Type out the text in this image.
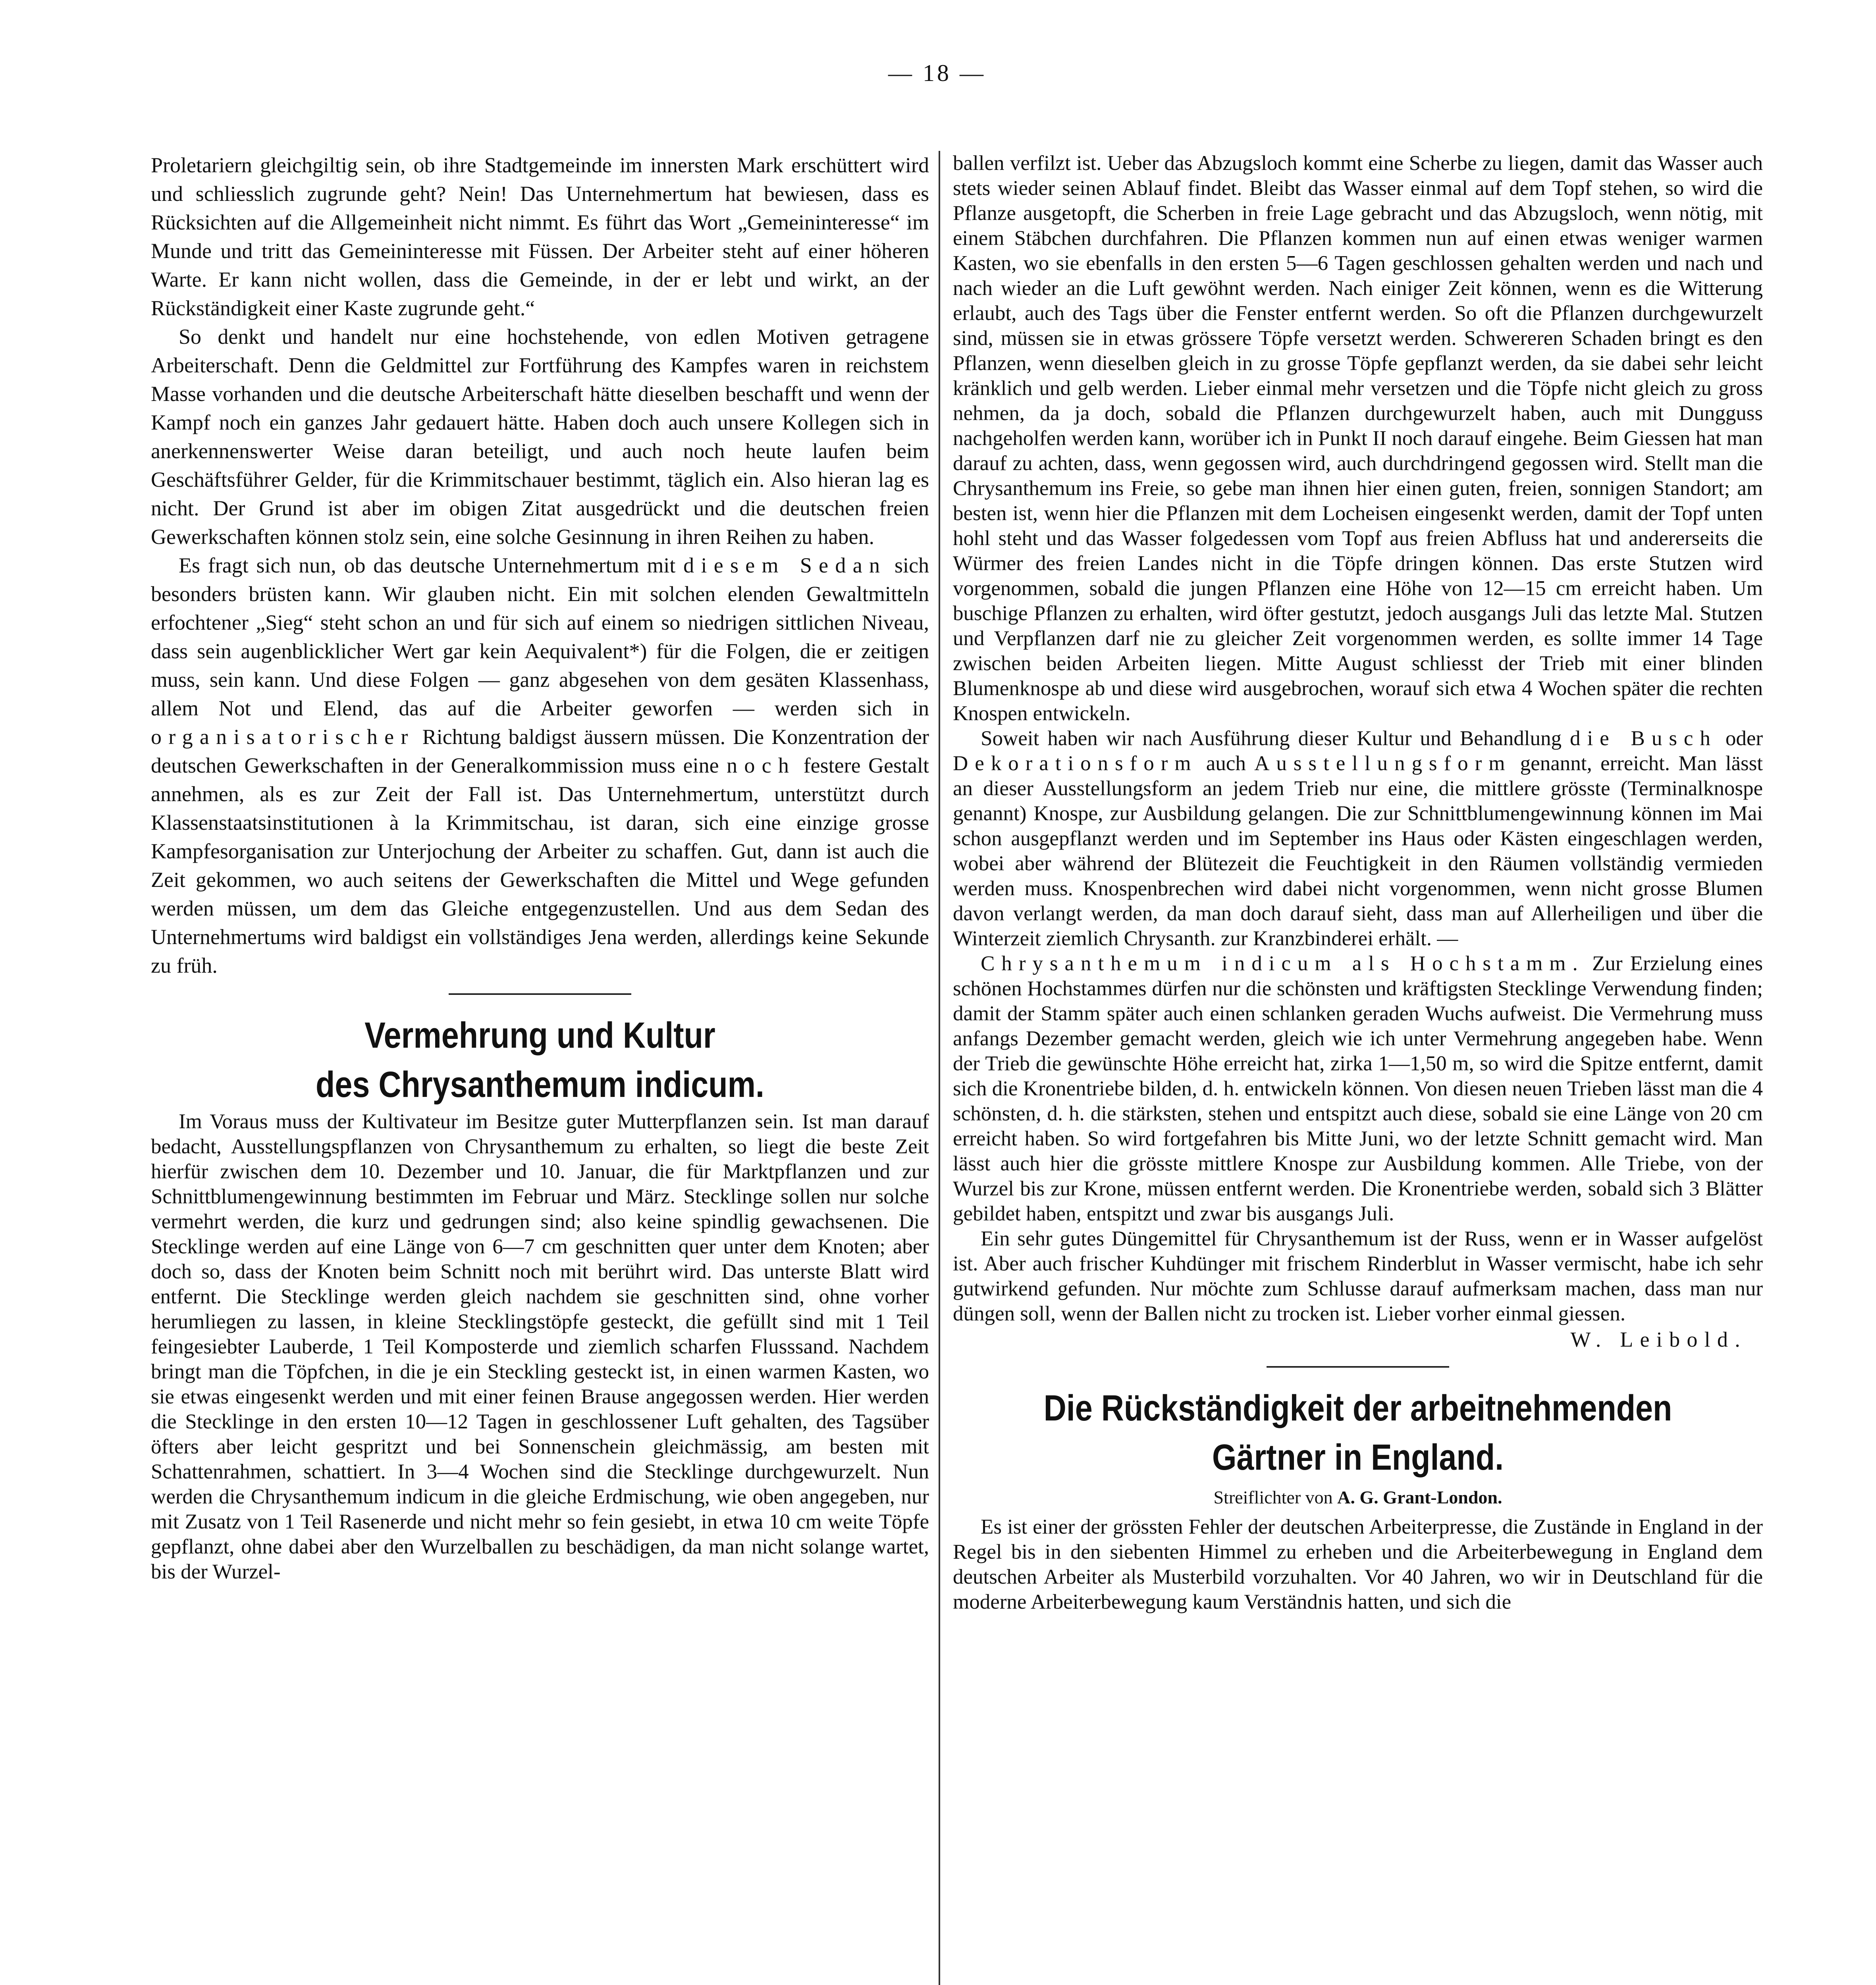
— 18 —

Proletariern gleichgiltig sein, ob ihre Stadtgemeinde im innersten Mark erschüttert wird und schliesslich zugrunde geht? Nein! Das Unternehmertum hat bewiesen, dass es Rücksichten auf die Allgemeinheit nicht nimmt. Es führt das Wort „Gemeininteresse“ im Munde und tritt das Gemeininteresse mit Füssen. Der Arbeiter steht auf einer höheren Warte. Er kann nicht wollen, dass die Gemeinde, in der er lebt und wirkt, an der Rückständigkeit einer Kaste zugrunde geht.“

So denkt und handelt nur eine hochstehende, von edlen Motiven getragene Arbeiterschaft. Denn die Geldmittel zur Fortführung des Kampfes waren in reichstem Masse vorhanden und die deutsche Arbeiterschaft hätte dieselben beschafft und wenn der Kampf noch ein ganzes Jahr gedauert hätte. Haben doch auch unsere Kollegen sich in anerkennenswerter Weise daran beteiligt, und auch noch heute laufen beim Geschäftsführer Gelder, für die Krimmitschauer bestimmt, täglich ein. Also hieran lag es nicht. Der Grund ist aber im obigen Zitat ausgedrückt und die deutschen freien Gewerkschaften können stolz sein, eine solche Gesinnung in ihren Reihen zu haben.

Es fragt sich nun, ob das deutsche Unternehmertum mit diesem Sedan sich besonders brüsten kann. Wir glauben nicht. Ein mit solchen elenden Gewaltmitteln erfochtener „Sieg“ steht schon an und für sich auf einem so niedrigen sittlichen Niveau, dass sein augenblicklicher Wert gar kein Aequivalent*) für die Folgen, die er zeitigen muss, sein kann. Und diese Folgen — ganz abgesehen von dem gesäten Klassenhass, allem Not und Elend, das auf die Arbeiter geworfen — werden sich in organisatorischer Richtung baldigst äussern müssen. Die Konzentration der deutschen Gewerkschaften in der Generalkommission muss eine noch festere Gestalt annehmen, als es zur Zeit der Fall ist. Das Unternehmertum, unterstützt durch Klassenstaatsinstitutionen à la Krimmitschau, ist daran, sich eine einzige grosse Kampfesorganisation zur Unterjochung der Arbeiter zu schaffen. Gut, dann ist auch die Zeit gekommen, wo auch seitens der Gewerkschaften die Mittel und Wege gefunden werden müssen, um dem das Gleiche entgegenzustellen. Und aus dem Sedan des Unternehmertums wird baldigst ein vollständiges Jena werden, allerdings keine Sekunde zu früh.

Vermehrung und Kultur
des Chrysanthemum indicum.

Im Voraus muss der Kultivateur im Besitze guter Mutterpflanzen sein. Ist man darauf bedacht, Ausstellungspflanzen von Chrysanthemum zu erhalten, so liegt die beste Zeit hierfür zwischen dem 10. Dezember und 10. Januar, die für Marktpflanzen und zur Schnittblumengewinnung bestimmten im Februar und März. Stecklinge sollen nur solche vermehrt werden, die kurz und gedrungen sind; also keine spindlig gewachsenen. Die Stecklinge werden auf eine Länge von 6—7 cm geschnitten quer unter dem Knoten; aber doch so, dass der Knoten beim Schnitt noch mit berührt wird. Das unterste Blatt wird entfernt. Die Stecklinge werden gleich nachdem sie geschnitten sind, ohne vorher herumliegen zu lassen, in kleine Stecklingstöpfe gesteckt, die gefüllt sind mit 1 Teil feingesiebter Lauberde, 1 Teil Komposterde und ziemlich scharfen Flusssand. Nachdem bringt man die Töpfchen, in die je ein Steckling gesteckt ist, in einen warmen Kasten, wo sie etwas eingesenkt werden und mit einer feinen Brause angegossen werden. Hier werden die Stecklinge in den ersten 10—12 Tagen in geschlossener Luft gehalten, des Tagsüber öfters aber leicht gespritzt und bei Sonnenschein gleichmässig, am besten mit Schattenrahmen, schattiert. In 3—4 Wochen sind die Stecklinge durchgewurzelt. Nun werden die Chrysanthemum indicum in die gleiche Erdmischung, wie oben angegeben, nur mit Zusatz von 1 Teil Rasenerde und nicht mehr so fein gesiebt, in etwa 10 cm weite Töpfe gepflanzt, ohne dabei aber den Wurzelballen zu beschädigen, da man nicht solange wartet, bis der Wurzel-

ballen verfilzt ist. Ueber das Abzugsloch kommt eine Scherbe zu liegen, damit das Wasser auch stets wieder seinen Ablauf findet. Bleibt das Wasser einmal auf dem Topf stehen, so wird die Pflanze ausgetopft, die Scherben in freie Lage gebracht und das Abzugsloch, wenn nötig, mit einem Stäbchen durchfahren. Die Pflanzen kommen nun auf einen etwas weniger warmen Kasten, wo sie ebenfalls in den ersten 5—6 Tagen geschlossen gehalten werden und nach und nach wieder an die Luft gewöhnt werden. Nach einiger Zeit können, wenn es die Witterung erlaubt, auch des Tags über die Fenster entfernt werden. So oft die Pflanzen durchgewurzelt sind, müssen sie in etwas grössere Töpfe versetzt werden. Schwereren Schaden bringt es den Pflanzen, wenn dieselben gleich in zu grosse Töpfe gepflanzt werden, da sie dabei sehr leicht kränklich und gelb werden. Lieber einmal mehr versetzen und die Töpfe nicht gleich zu gross nehmen, da ja doch, sobald die Pflanzen durchgewurzelt haben, auch mit Dungguss nachgeholfen werden kann, worüber ich in Punkt II noch darauf eingehe. Beim Giessen hat man darauf zu achten, dass, wenn gegossen wird, auch durchdringend gegossen wird. Stellt man die Chrysanthemum ins Freie, so gebe man ihnen hier einen guten, freien, sonnigen Standort; am besten ist, wenn hier die Pflanzen mit dem Locheisen eingesenkt werden, damit der Topf unten hohl steht und das Wasser folgedessen vom Topf aus freien Abfluss hat und andererseits die Würmer des freien Landes nicht in die Töpfe dringen können. Das erste Stutzen wird vorgenommen, sobald die jungen Pflanzen eine Höhe von 12—15 cm erreicht haben. Um buschige Pflanzen zu erhalten, wird öfter gestutzt, jedoch ausgangs Juli das letzte Mal. Stutzen und Verpflanzen darf nie zu gleicher Zeit vorgenommen werden, es sollte immer 14 Tage zwischen beiden Arbeiten liegen. Mitte August schliesst der Trieb mit einer blinden Blumenknospe ab und diese wird ausgebrochen, worauf sich etwa 4 Wochen später die rechten Knospen entwickeln.

Soweit haben wir nach Ausführung dieser Kultur und Behandlung die Busch oder Dekorationsform auch Ausstellungsform genannt, erreicht. Man lässt an dieser Ausstellungsform an jedem Trieb nur eine, die mittlere grösste (Terminalknospe genannt) Knospe, zur Ausbildung gelangen. Die zur Schnittblumengewinnung können im Mai schon ausgepflanzt werden und im September ins Haus oder Kästen eingeschlagen werden, wobei aber während der Blütezeit die Feuchtigkeit in den Räumen vollständig vermieden werden muss. Knospenbrechen wird dabei nicht vorgenommen, wenn nicht grosse Blumen davon verlangt werden, da man doch darauf sieht, dass man auf Allerheiligen und über die Winterzeit ziemlich Chrysanth. zur Kranzbinderei erhält. —

Chrysanthemum indicum als Hochstamm. Zur Erzielung eines schönen Hochstammes dürfen nur die schönsten und kräftigsten Stecklinge Verwendung finden; damit der Stamm später auch einen schlanken geraden Wuchs aufweist. Die Vermehrung muss anfangs Dezember gemacht werden, gleich wie ich unter Vermehrung angegeben habe. Wenn der Trieb die gewünschte Höhe erreicht hat, zirka 1—1,50 m, so wird die Spitze entfernt, damit sich die Kronentriebe bilden, d. h. entwickeln können. Von diesen neuen Trieben lässt man die 4 schönsten, d. h. die stärksten, stehen und entspitzt auch diese, sobald sie eine Länge von 20 cm erreicht haben. So wird fortgefahren bis Mitte Juni, wo der letzte Schnitt gemacht wird. Man lässt auch hier die grösste mittlere Knospe zur Ausbildung kommen. Alle Triebe, von der Wurzel bis zur Krone, müssen entfernt werden. Die Kronentriebe werden, sobald sich 3 Blätter gebildet haben, entspitzt und zwar bis ausgangs Juli.

Ein sehr gutes Düngemittel für Chrysanthemum ist der Russ, wenn er in Wasser aufgelöst ist. Aber auch frischer Kuhdünger mit frischem Rinderblut in Wasser vermischt, habe ich sehr gutwirkend gefunden. Nur möchte zum Schlusse darauf aufmerksam machen, dass man nur düngen soll, wenn der Ballen nicht zu trocken ist. Lieber vorher einmal giessen.

W. Leibold.
Die Rückständigkeit der arbeitnehmenden
Gärtner in England.
Streiflichter von A. G. Grant-London.

Es ist einer der grössten Fehler der deutschen Arbeiterpresse, die Zustände in England in der Regel bis in den siebenten Himmel zu erheben und die Arbeiterbewegung in England dem deutschen Arbeiter als Musterbild vorzuhalten. Vor 40 Jahren, wo wir in Deutschland für die moderne Arbeiterbewegung kaum Verständnis hatten, und sich die
